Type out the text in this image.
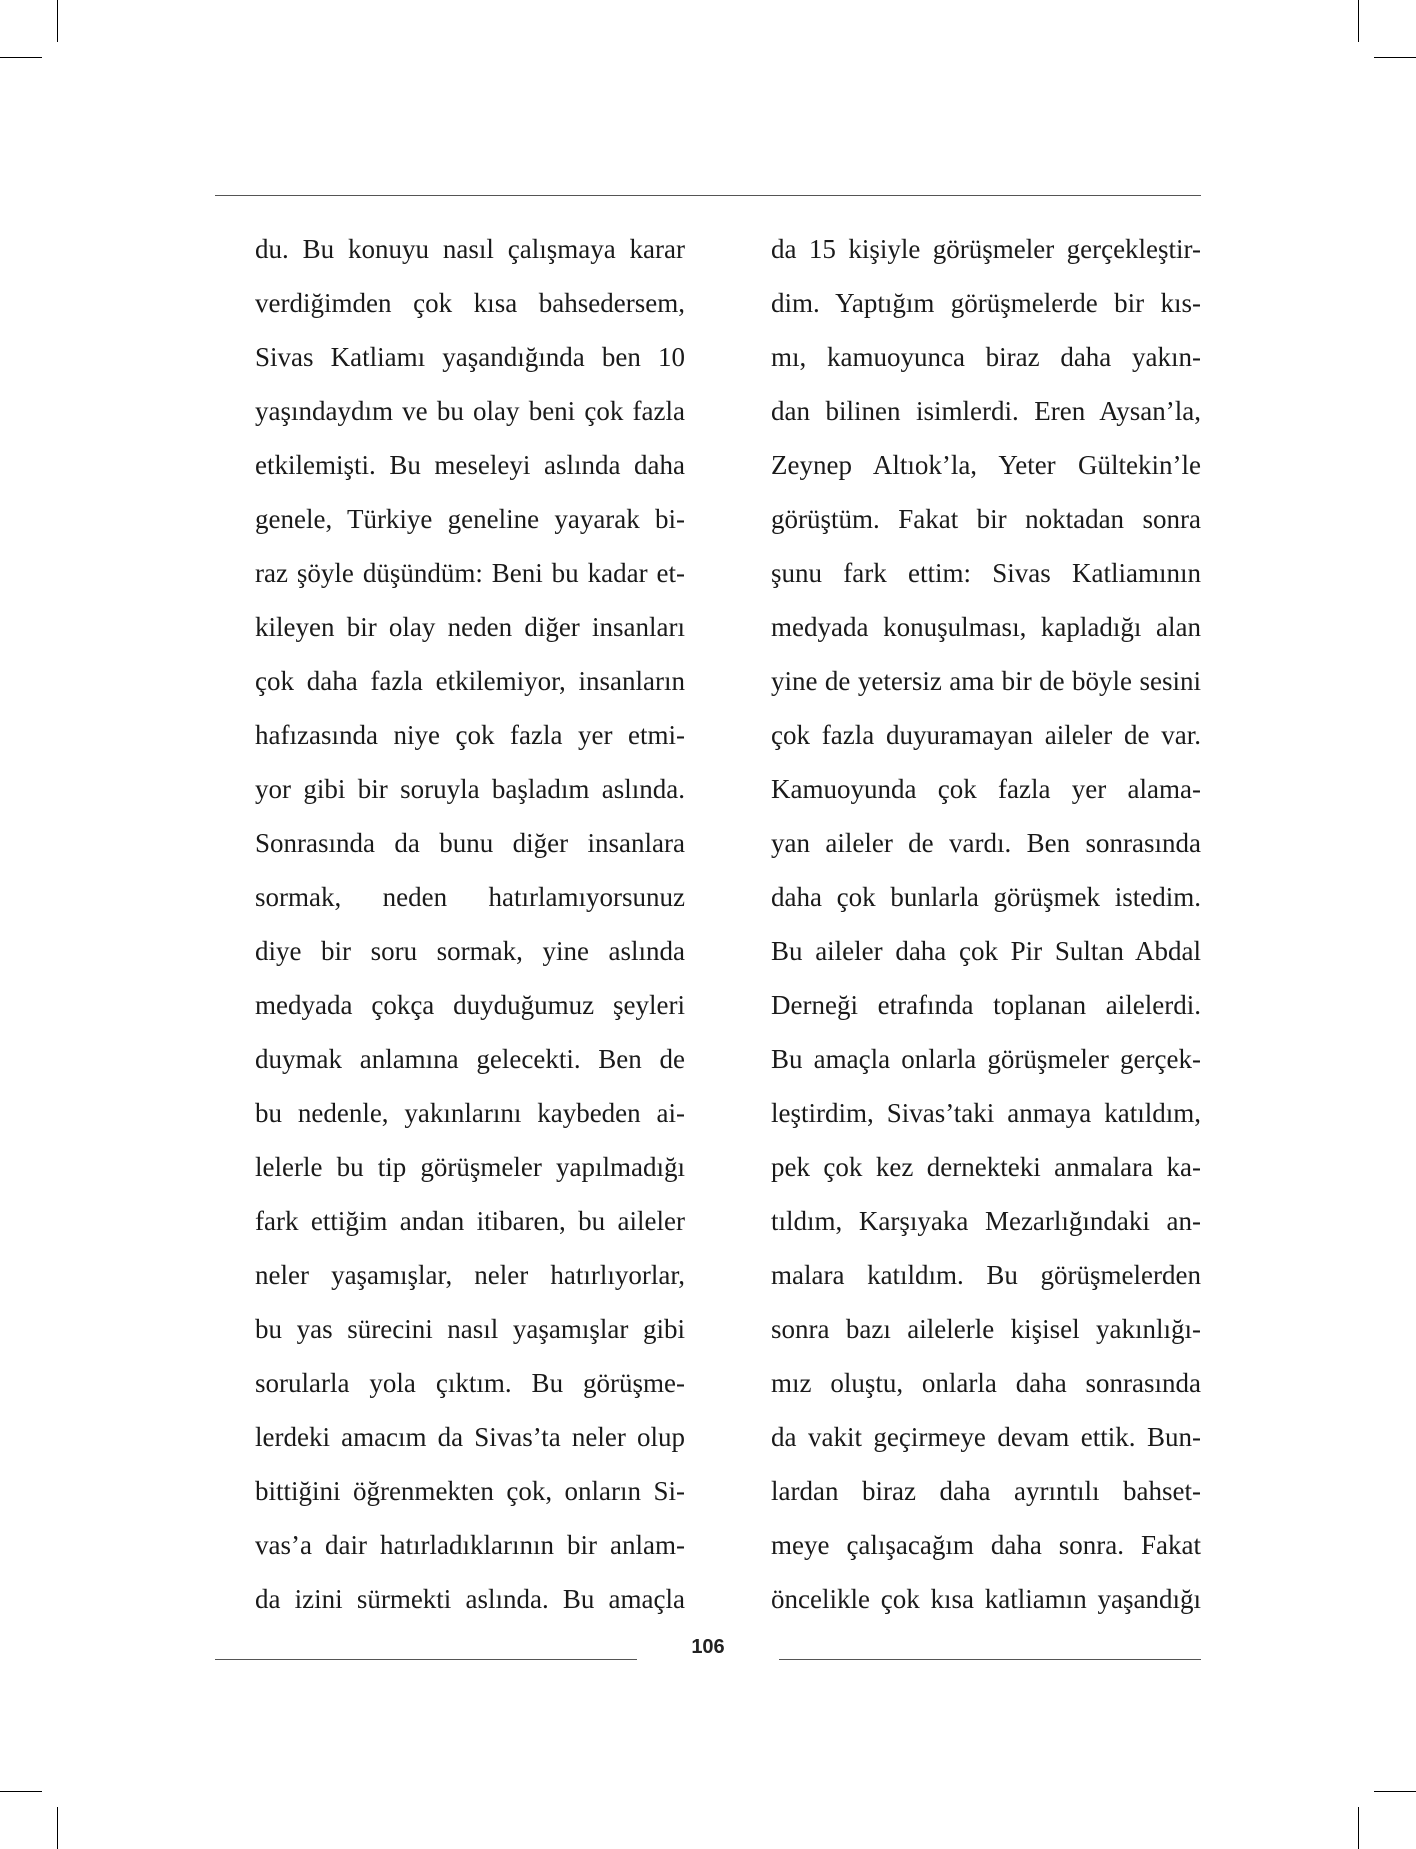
du. Bu konuyu nasıl çalışmaya karar
verdiğimden çok kısa bahsedersem,
Sivas Katliamı yaşandığında ben 10
yaşındaydım ve bu olay beni çok fazla
etkilemişti. Bu meseleyi aslında daha
genele, Türkiye geneline yayarak bi-
raz şöyle düşündüm: Beni bu kadar et-
kileyen bir olay neden diğer insanları
çok daha fazla etkilemiyor, insanların
hafızasında niye çok fazla yer etmi-
yor gibi bir soruyla başladım aslında.
Sonrasında da bunu diğer insanlara
sormak, neden hatırlamıyorsunuz
diye bir soru sormak, yine aslında
medyada çokça duyduğumuz şeyleri
duymak anlamına gelecekti. Ben de
bu nedenle, yakınlarını kaybeden ai-
lelerle bu tip görüşmeler yapılmadığı
fark ettiğim andan itibaren, bu aileler
neler yaşamışlar, neler hatırlıyorlar,
bu yas sürecini nasıl yaşamışlar gibi
sorularla yola çıktım. Bu görüşme-
lerdeki amacım da Sivas’ta neler olup
bittiğini öğrenmekten çok, onların Si-
vas’a dair hatırladıklarının bir anlam-
da izini sürmekti aslında. Bu amaçla
da 15 kişiyle görüşmeler gerçekleştir-
dim. Yaptığım görüşmelerde bir kıs-
mı, kamuoyunca biraz daha yakın-
dan bilinen isimlerdi. Eren Aysan’la,
Zeynep Altıok’la, Yeter Gültekin’le
görüştüm. Fakat bir noktadan sonra
şunu fark ettim: Sivas Katliamının
medyada konuşulması, kapladığı alan
yine de yetersiz ama bir de böyle sesini
çok fazla duyuramayan aileler de var.
Kamuoyunda çok fazla yer alama-
yan aileler de vardı. Ben sonrasında
daha çok bunlarla görüşmek istedim.
Bu aileler daha çok Pir Sultan Abdal
Derneği etrafında toplanan ailelerdi.
Bu amaçla onlarla görüşmeler gerçek-
leştirdim, Sivas’taki anmaya katıldım,
pek çok kez dernekteki anmalara ka-
tıldım, Karşıyaka Mezarlığındaki an-
malara katıldım. Bu görüşmelerden
sonra bazı ailelerle kişisel yakınlığı-
mız oluştu, onlarla daha sonrasında
da vakit geçirmeye devam ettik. Bun-
lardan biraz daha ayrıntılı bahset-
meye çalışacağım daha sonra. Fakat
öncelikle çok kısa katliamın yaşandığı
106
